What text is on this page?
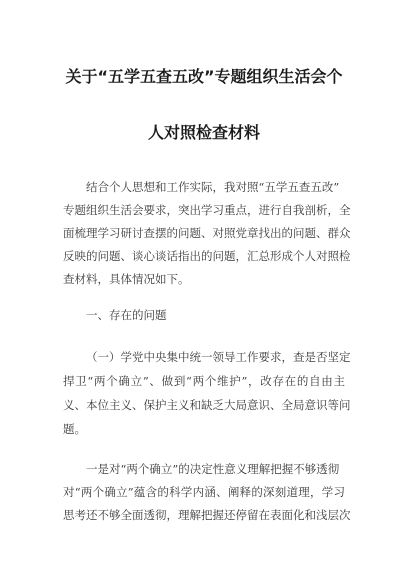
关于“五学五查五改”专题组织生活会个
人对照检查材料
结合个人思想和工作实际，我对照“五学五查五改”
专题组织生活会要求，突出学习重点，进行自我剖析，全
面梳理学习研讨查摆的问题、对照党章找出的问题、群众
反映的问题、谈心谈话指出的问题，汇总形成个人对照检
查材料，具体情况如下。
一、存在的问题
（一）学党中央集中统一领导工作要求，查是否坚定
捍卫“两个确立”、做到“两个维护”，改存在的自由主
义、本位主义、保护主义和缺乏大局意识、全局意识等问
题。
一是对“两个确立”的决定性意义理解把握不够透彻
对“两个确立”蕴含的科学内涵、阐释的深刻道理，学习
思考还不够全面透彻，理解把握还停留在表面化和浅层次
